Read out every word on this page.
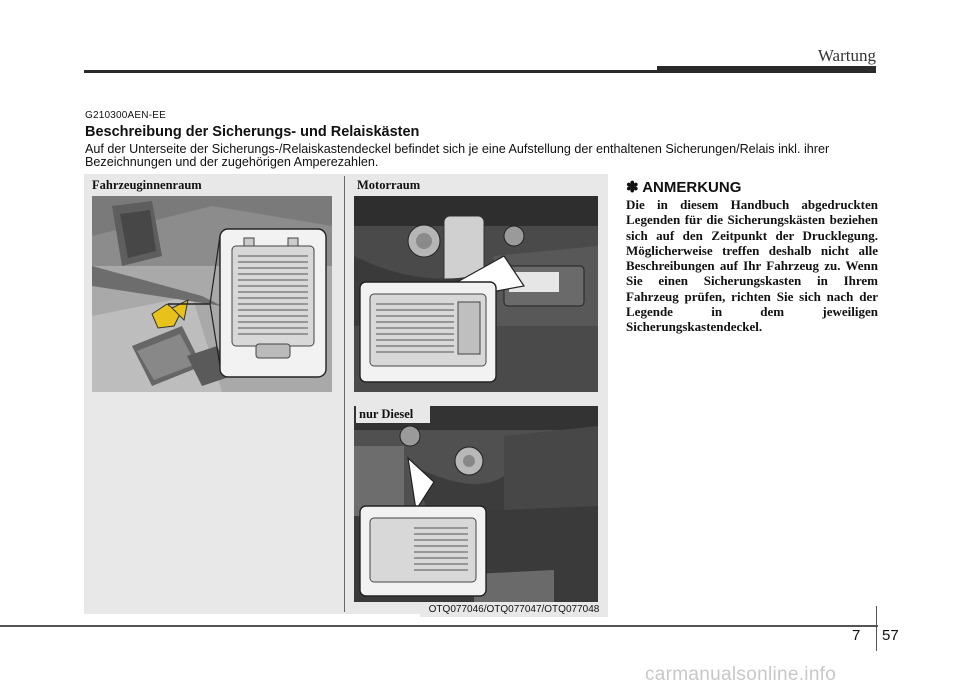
Wartung
G210300AEN-EE
Beschreibung der Sicherungs- und Relaiskästen
Auf der Unterseite der Sicherungs-/Relaiskastendeckel befindet sich je eine Aufstellung der enthaltenen Sicherungen/Relais inkl. ihrer Bezeichnungen und der zugehörigen Amperezahlen.
Fahrzeuginnenraum	Motorraum
nur Diesel
OTQ077046/OTQ077047/OTQ077048
✽ ANMERKUNG
Die in diesem Handbuch abgedruckten Legenden für die Sicherungskästen beziehen sich auf den Zeitpunkt der Drucklegung. Möglicherweise treffen deshalb nicht alle Beschreibungen auf Ihr Fahrzeug zu. Wenn Sie einen Sicherungskasten in Ihrem Fahrzeug prüfen, richten Sie sich nach der Legende in dem jeweiligen Sicherungskastendeckel.
7 57
carmanualsonline.info
